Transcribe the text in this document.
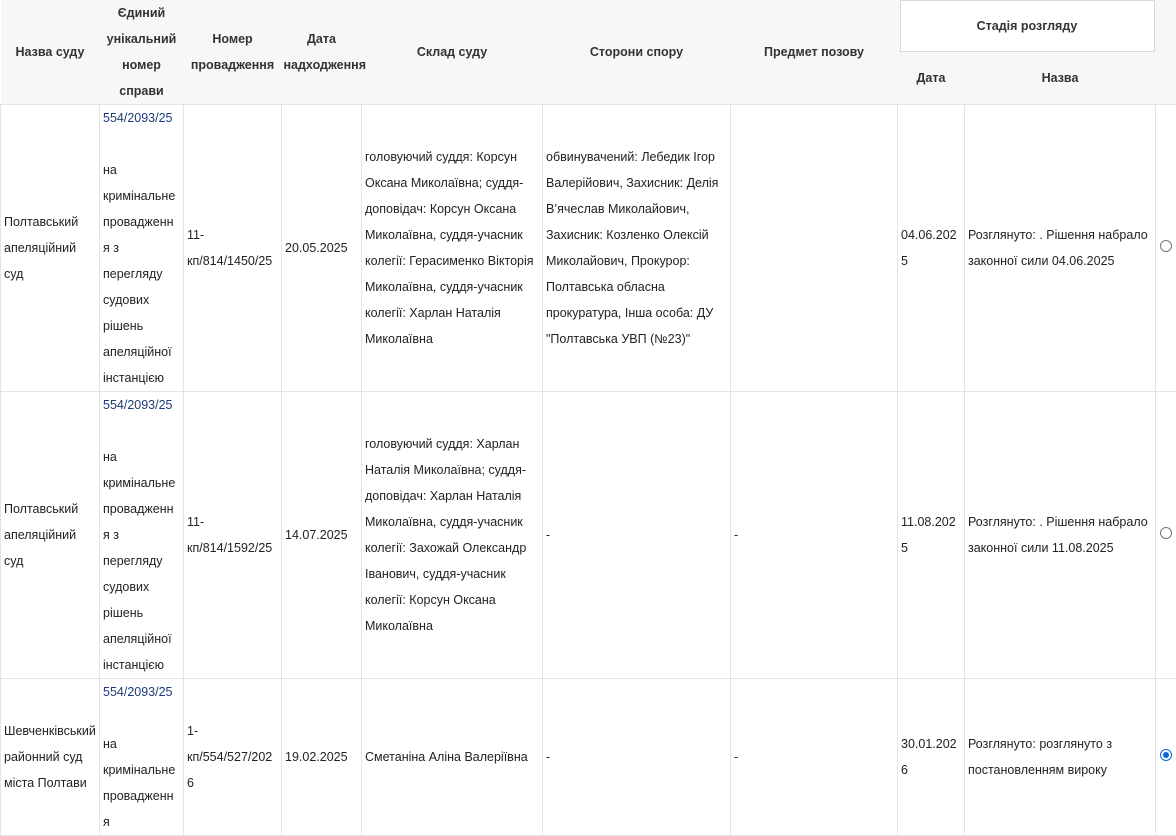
Назва суду	Єдиний
унікальний
номер
справи	Номер
провадження	Дата
надходження	Склад суду	Сторони спору	Предмет позову	Стадія розгляду		

							Дата	Назва	
Полтавський апеляційний суд	554/2093/25
на кримінальне провадження з перегляду судових рішень апеляційної інстанцією	11-кп/814/1450/25	20.05.2025	головуючий суддя: Корсун Оксана Миколаївна; суддя-доповідач: Корсун Оксана Миколаївна, суддя-учасник колегії: Герасименко Вікторія Миколаївна, суддя-учасник колегії: Харлан Наталія Миколаївна	обвинувачений: Лебедик Ігор Валерійович, Захисник: Делія В’ячеслав Миколайович, Захисник: Козленко Олексій Миколайович, Прокурор: Полтавська обласна прокуратура, Інша особа: ДУ "Полтавська УВП (№23)"		04.06.2025	Розглянуто: . Рішення набрало законної сили 04.06.2025	
Полтавський апеляційний суд	554/2093/25
на кримінальне провадження з перегляду судових рішень апеляційної інстанцією	11-кп/814/1592/25	14.07.2025	головуючий суддя: Харлан Наталія Миколаївна; суддя-доповідач: Харлан Наталія Миколаївна, суддя-учасник колегії: Захожай Олександр Іванович, суддя-учасник колегії: Корсун Оксана Миколаївна	-	-	11.08.2025	Розглянуто: . Рішення набрало законної сили 11.08.2025	
Шевченківський районний суд міста Полтави	554/2093/25
на кримінальне провадження	1-кп/554/527/2026	19.02.2025	Сметаніна Аліна Валеріївна	-	-	30.01.2026	Розглянуто: розглянуто з постановленням вироку	
